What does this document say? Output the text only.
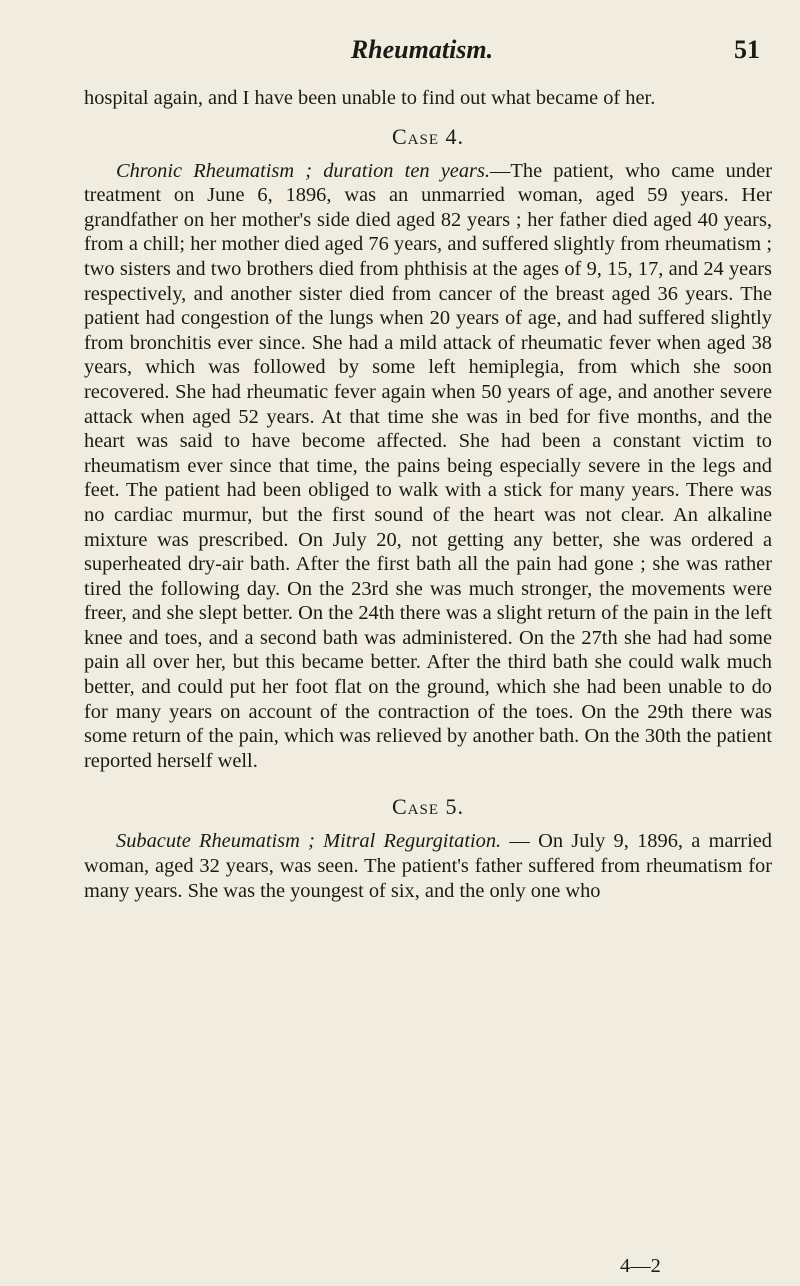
Rheumatism.	51

hospital again, and I have been unable to find out what became of her.

Case 4.

Chronic Rheumatism ; duration ten years.—The patient, who came under treatment on June 6, 1896, was an unmarried woman, aged 59 years. Her grandfather on her mother's side died aged 82 years ; her father died aged 40 years, from a chill; her mother died aged 76 years, and suffered slightly from rheumatism ; two sisters and two brothers died from phthisis at the ages of 9, 15, 17, and 24 years respectively, and another sister died from cancer of the breast aged 36 years. The patient had congestion of the lungs when 20 years of age, and had suffered slightly from bronchitis ever since. She had a mild attack of rheumatic fever when aged 38 years, which was followed by some left hemiplegia, from which she soon recovered. She had rheumatic fever again when 50 years of age, and another severe attack when aged 52 years. At that time she was in bed for five months, and the heart was said to have become affected. She had been a constant victim to rheumatism ever since that time, the pains being especially severe in the legs and feet. The patient had been obliged to walk with a stick for many years. There was no cardiac murmur, but the first sound of the heart was not clear. An alkaline mixture was prescribed. On July 20, not getting any better, she was ordered a superheated dry-air bath. After the first bath all the pain had gone ; she was rather tired the following day. On the 23rd she was much stronger, the movements were freer, and she slept better. On the 24th there was a slight return of the pain in the left knee and toes, and a second bath was administered. On the 27th she had had some pain all over her, but this became better. After the third bath she could walk much better, and could put her foot flat on the ground, which she had been unable to do for many years on account of the contraction of the toes. On the 29th there was some return of the pain, which was relieved by another bath. On the 30th the patient reported herself well.

Case 5.

Subacute Rheumatism ; Mitral Regurgitation. — On July 9, 1896, a married woman, aged 32 years, was seen. The patient's father suffered from rheumatism for many years. She was the youngest of six, and the only one who

4—2
